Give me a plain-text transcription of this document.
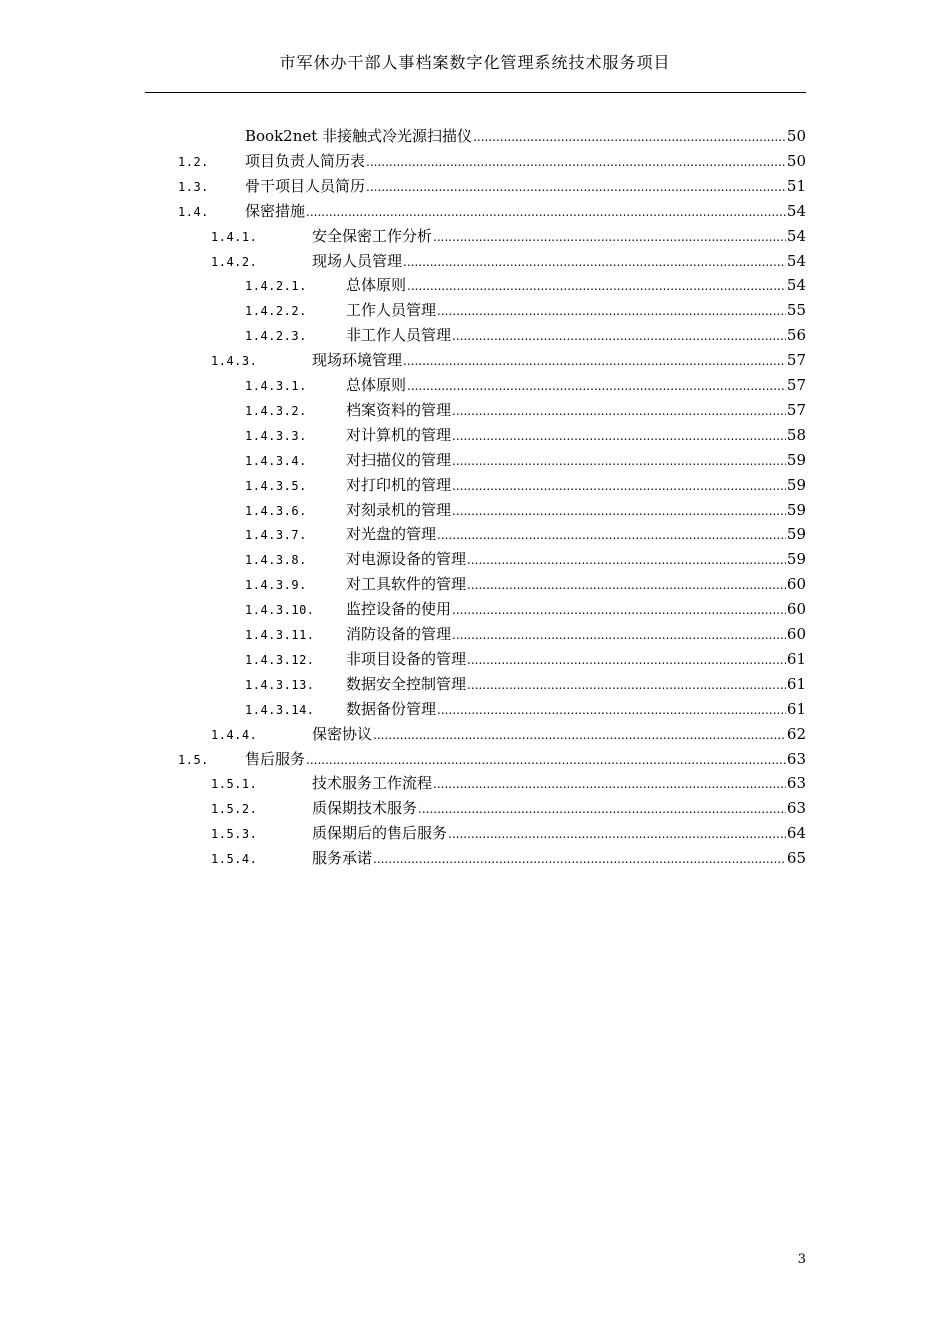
市军休办干部人事档案数字化管理系统技术服务项目
Book2net 非接触式冷光源扫描仪 .....	50
1.2.	项目负责人简历表 .....	50
1.3.	骨干项目人员简历 .....	51
1.4.	保密措施 .....	54
1.4.1.	安全保密工作分析 .....	54
1.4.2.	现场人员管理 .....	54
1.4.2.1.	总体原则 .....	54
1.4.2.2.	工作人员管理 .....	55
1.4.2.3.	非工作人员管理 .....	56
1.4.3.	现场环境管理 .....	57
1.4.3.1.	总体原则 .....	57
1.4.3.2.	档案资料的管理 .....	57
1.4.3.3.	对计算机的管理 .....	58
1.4.3.4.	对扫描仪的管理 .....	59
1.4.3.5.	对打印机的管理 .....	59
1.4.3.6.	对刻录机的管理 .....	59
1.4.3.7.	对光盘的管理 .....	59
1.4.3.8.	对电源设备的管理 .....	59
1.4.3.9.	对工具软件的管理 .....	60
1.4.3.10.	监控设备的使用 .....	60
1.4.3.11.	消防设备的管理 .....	60
1.4.3.12.	非项目设备的管理 .....	61
1.4.3.13.	数据安全控制管理 .....	61
1.4.3.14.	数据备份管理 .....	61
1.4.4.	保密协议 .....	62
1.5.	售后服务 .....	63
1.5.1.	技术服务工作流程 .....	63
1.5.2.	质保期技术服务 .....	63
1.5.3.	质保期后的售后服务 .....	64
1.5.4.	服务承诺 .....	65
3
